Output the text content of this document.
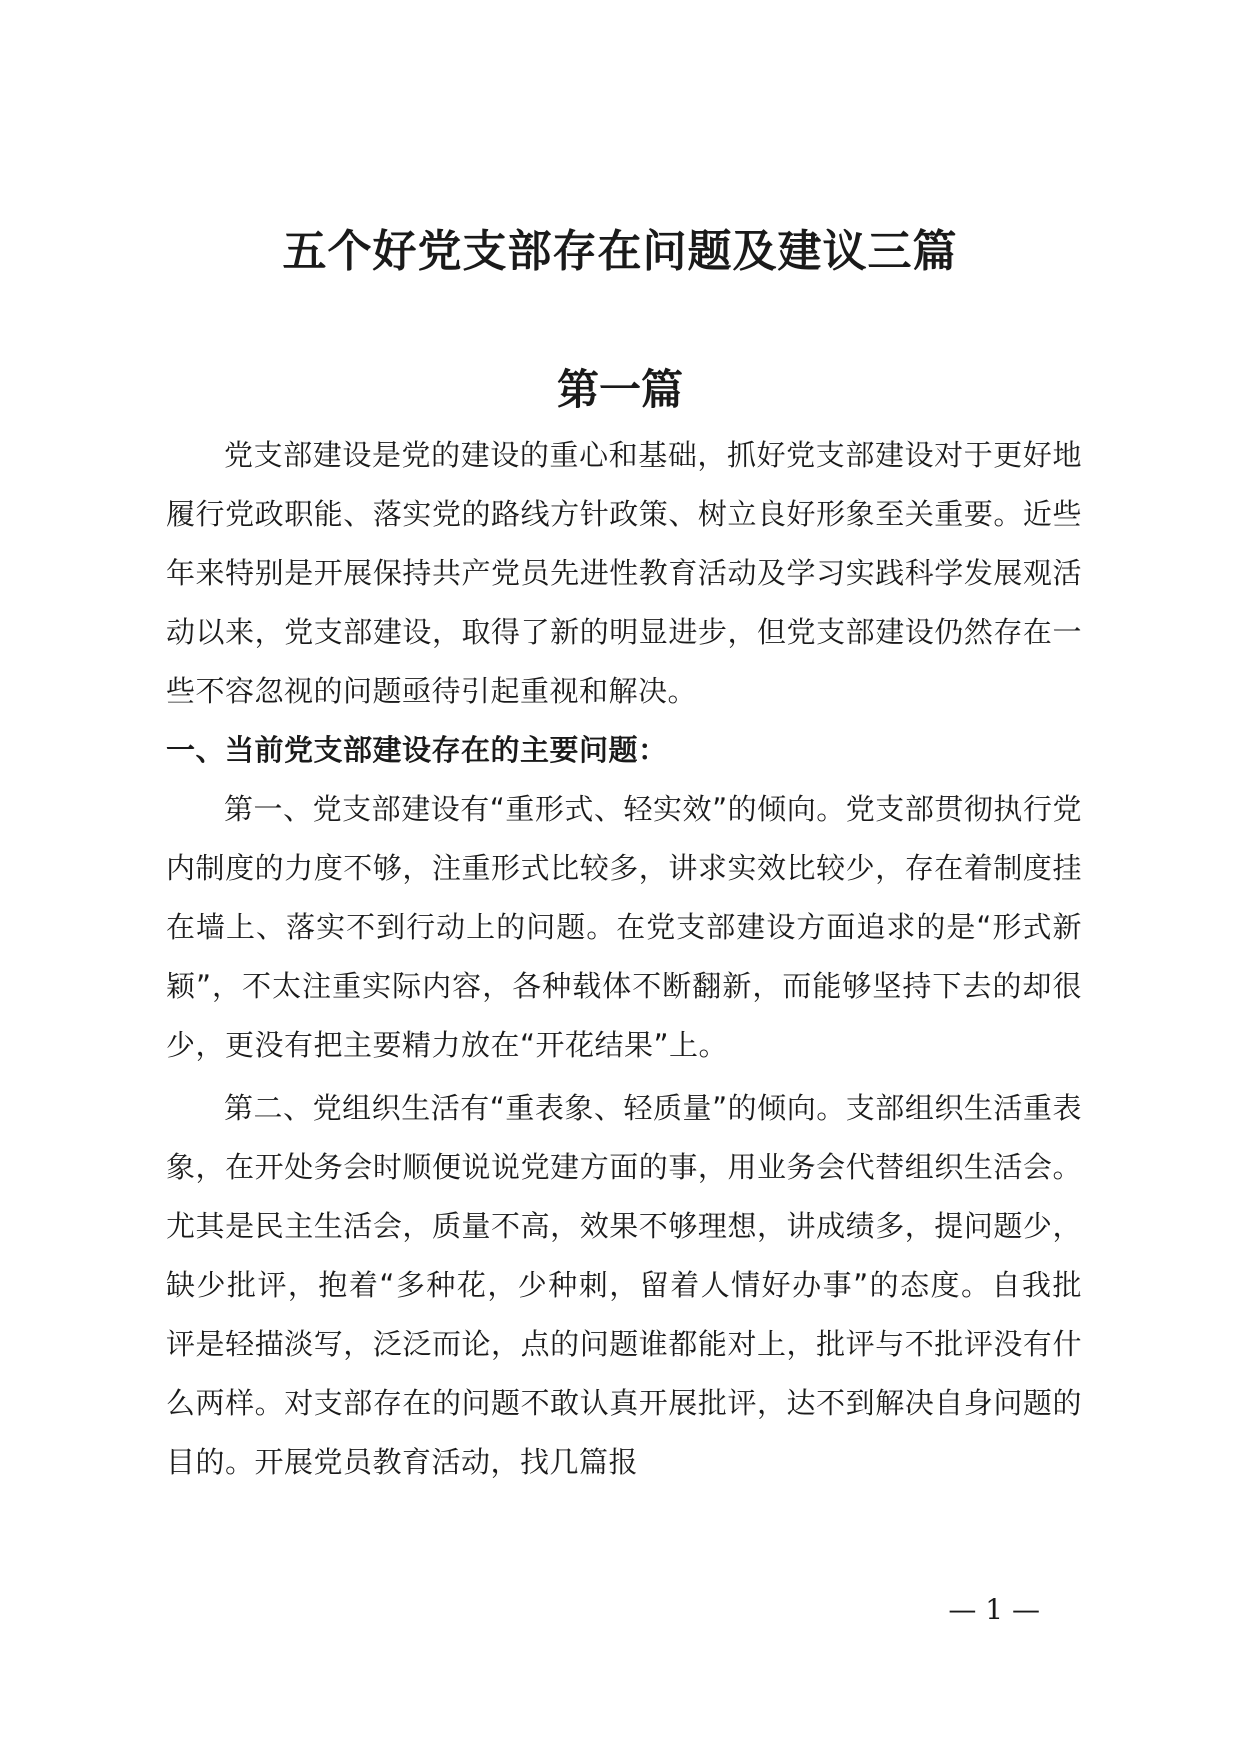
五个好党支部存在问题及建议三篇
第一篇

党支部建设是党的建设的重心和基础，抓好党支部建设对于更好地履行党政职能、落实党的路线方针政策、树立良好形象至关重要。近些年来特别是开展保持共产党员先进性教育活动及学习实践科学发展观活动以来，党支部建设，取得了新的明显进步，但党支部建设仍然存在一些不容忽视的问题亟待引起重视和解决。

一、当前党支部建设存在的主要问题：

第一、党支部建设有“重形式、轻实效”的倾向。党支部贯彻执行党内制度的力度不够，注重形式比较多，讲求实效比较少，存在着制度挂在墙上、落实不到行动上的问题。在党支部建设方面追求的是“形式新颖”，不太注重实际内容，各种载体不断翻新，而能够坚持下去的却很少，更没有把主要精力放在“开花结果”上。

第二、党组织生活有“重表象、轻质量”的倾向。支部组织生活重表象，在开处务会时顺便说说党建方面的事，用业务会代替组织生活会。尤其是民主生活会，质量不高，效果不够理想，讲成绩多，提问题少，缺少批评，抱着“多种花，少种刺，留着人情好办事”的态度。自我批评是轻描淡写，泛泛而论，点的问题谁都能对上，批评与不批评没有什么两样。对支部存在的问题不敢认真开展批评，达不到解决自身问题的目的。开展党员教育活动，找几篇报

— 1 —
